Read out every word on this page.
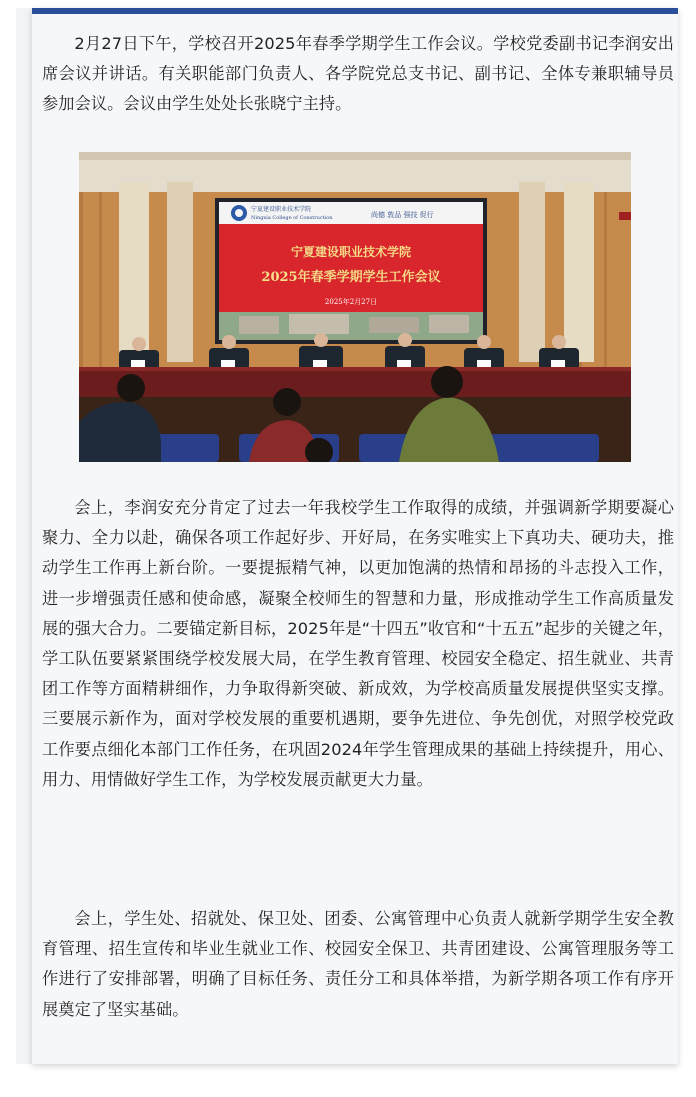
2月27日下午，学校召开2025年春季学期学生工作会议。学校党委副书记李润安出席会议并讲话。有关职能部门负责人、各学院党总支书记、副书记、全体专兼职辅导员参加会议。会议由学生处处长张晓宁主持。

宁夏建设职业技术学院
Ningxia College of Construction	尚德 敦品 强技 促行
宁夏建设职业技术学院
2025年春季学期学生工作会议
2025年2月27日

会上，李润安充分肯定了过去一年我校学生工作取得的成绩，并强调新学期要凝心聚力、全力以赴，确保各项工作起好步、开好局，在务实唯实上下真功夫、硬功夫，推动学生工作再上新台阶。一要提振精气神，以更加饱满的热情和昂扬的斗志投入工作，进一步增强责任感和使命感，凝聚全校师生的智慧和力量，形成推动学生工作高质量发展的强大合力。二要锚定新目标，2025年是“十四五”收官和“十五五”起步的关键之年，学工队伍要紧紧围绕学校发展大局，在学生教育管理、校园安全稳定、招生就业、共青团工作等方面精耕细作，力争取得新突破、新成效，为学校高质量发展提供坚实支撑。三要展示新作为，面对学校发展的重要机遇期，要争先进位、争先创优，对照学校党政工作要点细化本部门工作任务，在巩固2024年学生管理成果的基础上持续提升，用心、用力、用情做好学生工作，为学校发展贡献更大力量。

会上，学生处、招就处、保卫处、团委、公寓管理中心负责人就新学期学生安全教育管理、招生宣传和毕业生就业工作、校园安全保卫、共青团建设、公寓管理服务等工作进行了安排部署，明确了目标任务、责任分工和具体举措，为新学期各项工作有序开展奠定了坚实基础。
